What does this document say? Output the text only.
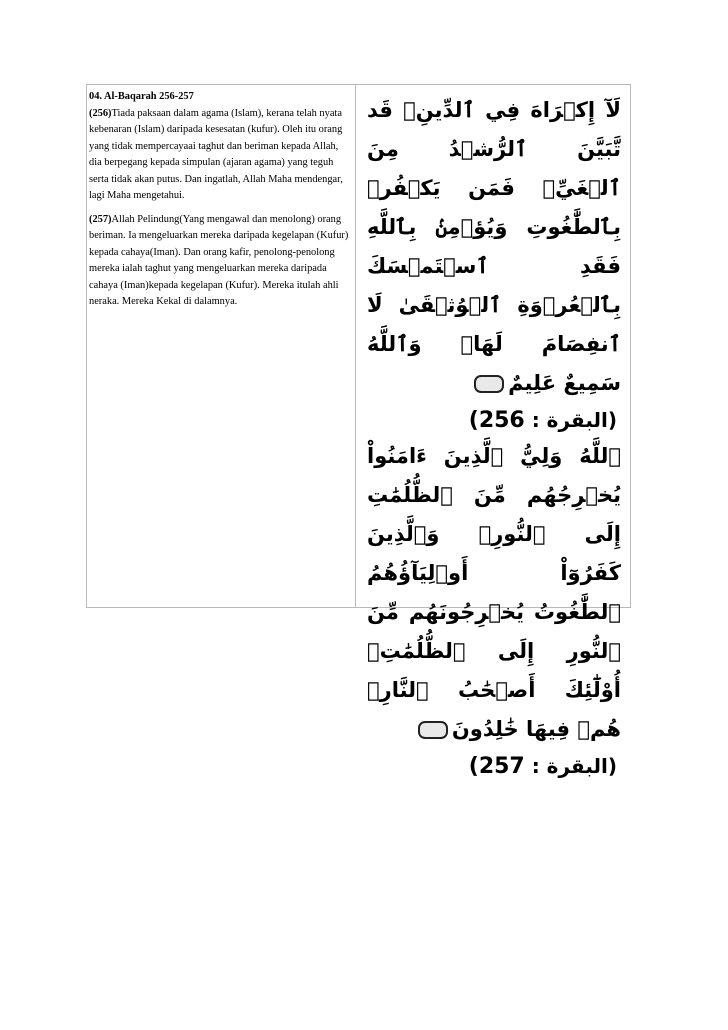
04. Al-Baqarah 256-257

(256)Tiada paksaan dalam agama (Islam), kerana telah nyata kebenaran (Islam) daripada kesesatan (kufur). Oleh itu orang yang tidak mempercayaai taghut dan beriman kepada Allah, dia berpegang kepada simpulan (ajaran agama) yang teguh serta tidak akan putus. Dan ingatlah, Allah Maha mendengar, lagi Maha mengetahui.

(257)Allah Pelindung(Yang mengawal dan menolong) orang beriman. Ia mengeluarkan mereka daripada kegelapan (Kufur) kepada cahaya(Iman). Dan orang kafir, penolong-penolong mereka ialah taghut yang mengeluarkan mereka daripada cahaya (Iman)kepada kegelapan (Kufur). Mereka itulah ahli neraka. Mereka Kekal di dalamnya.

لَآ إِكۡرَاهَ فِي ٱلدِّينِۖ قَد تَّبَيَّنَ ٱلرُّشۡدُ مِنَ ٱلۡغَيِّۚ فَمَن يَكۡفُرۡ بِٱلطَّٰغُوتِ وَيُؤۡمِنۢ بِٱللَّهِ فَقَدِ ٱسۡتَمۡسَكَ بِٱلۡعُرۡوَةِ ٱلۡوُثۡقَىٰ لَا ٱنفِصَامَ لَهَاۗ وَٱللَّهُ سَمِيعٌ عَلِيمٌ
(البقرة : 256)
ٱللَّهُ وَلِيُّ ٱلَّذِينَ ءَامَنُواْ يُخۡرِجُهُم مِّنَ ٱلظُّلُمَٰتِ إِلَى ٱلنُّورِۖ وَٱلَّذِينَ كَفَرُوٓاْ أَوۡلِيَآؤُهُمُ ٱلطَّٰغُوتُ يُخۡرِجُونَهُم مِّنَ ٱلنُّورِ إِلَى ٱلظُّلُمَٰتِۗ أُوْلَٰٓئِكَ أَصۡحَٰبُ ٱلنَّارِۖ هُمۡ فِيهَا خَٰلِدُونَ
(البقرة : 257)
